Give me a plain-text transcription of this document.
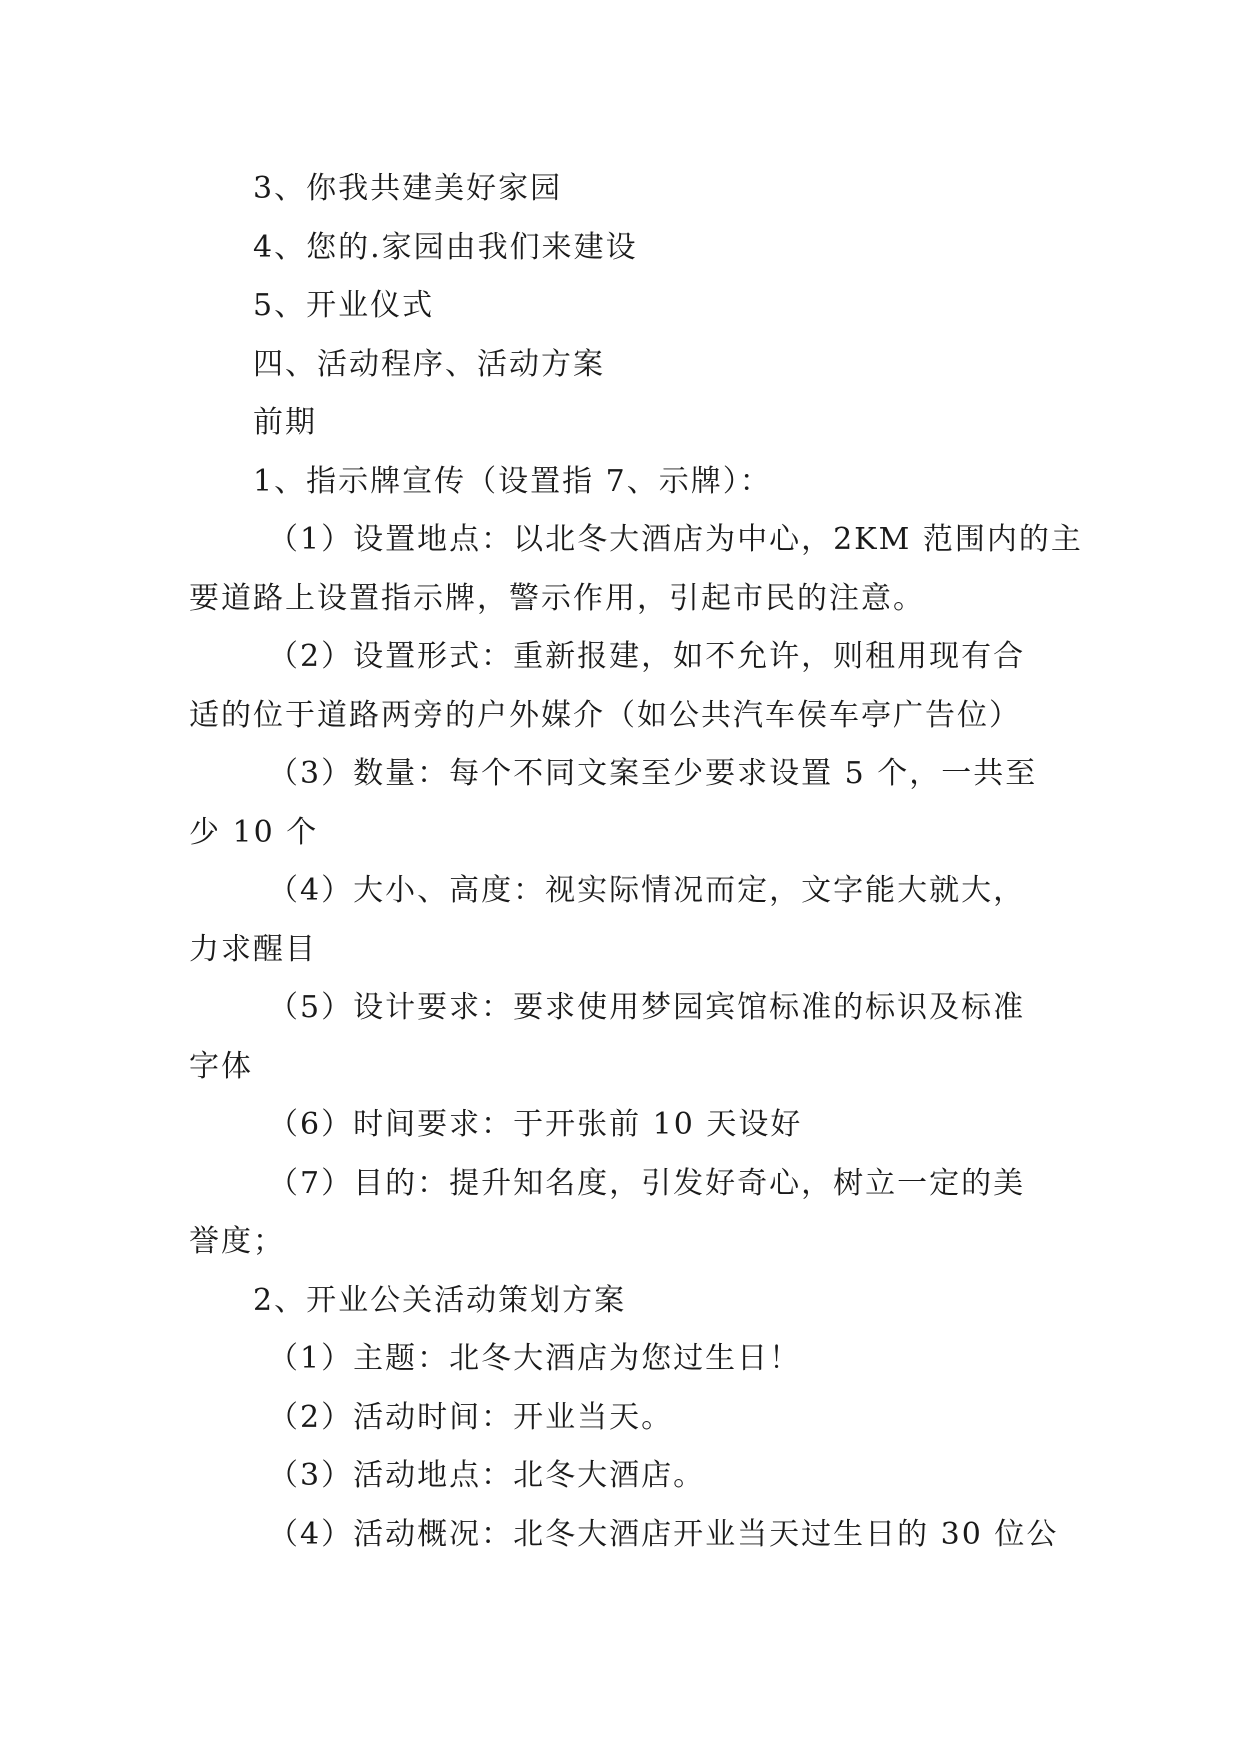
3、你我共建美好家园
4、您的.家园由我们来建设
5、开业仪式
四、活动程序、活动方案
前期
1、指示牌宣传（设置指 7、示牌）：
（1）设置地点：以北冬大酒店为中心，2KM 范围内的主
要道路上设置指示牌，警示作用，引起市民的注意。
（2）设置形式：重新报建，如不允许，则租用现有合
适的位于道路两旁的户外媒介（如公共汽车侯车亭广告位）
（3）数量：每个不同文案至少要求设置 5 个，一共至
少 10 个
（4）大小、高度：视实际情况而定，文字能大就大，
力求醒目
（5）设计要求：要求使用梦园宾馆标准的标识及标准
字体
（6）时间要求：于开张前 10 天设好
（7）目的：提升知名度，引发好奇心，树立一定的美
誉度；
2、开业公关活动策划方案
（1）主题：北冬大酒店为您过生日！
（2）活动时间：开业当天。
（3）活动地点：北冬大酒店。
（4）活动概况：北冬大酒店开业当天过生日的 30 位公
